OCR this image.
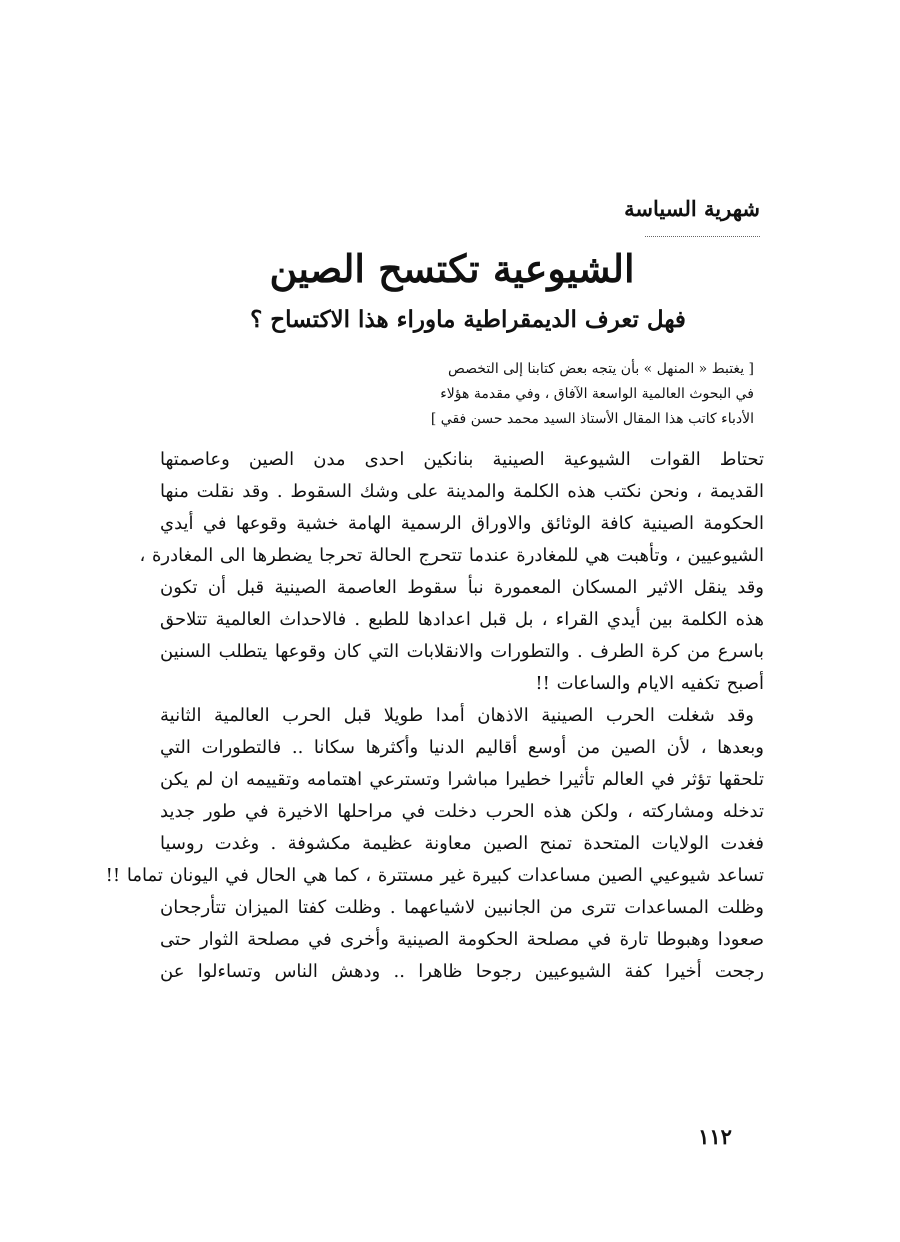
شهرية السياسة
الشيوعية تكتسح الصين
فهل تعرف الديمقراطية ماوراء هذا الاكتساح ؟
[ يغتبط « المنهل » بأن يتجه بعض كتابنا إلى التخصص
في البحوث العالمية الواسعة الآفاق ، وفي مقدمة هؤلاء
الأدباء كاتب هذا المقال الأستاذ السيد محمد حسن فقي ]
تحتاط القوات الشيوعية الصينية بنانكين احدى مدن الصين وعاصمتها
القديمة ، ونحن نكتب هذه الكلمة والمدينة على وشك السقوط . وقد نقلت منها
الحكومة الصينية كافة الوثائق والاوراق الرسمية الهامة خشية وقوعها في أيدي
الشيوعيين ، وتأهبت هي للمغادرة عندما تتحرج الحالة تحرجا يضطرها الى المغادرة ،
وقد ينقل الاثير المسكان المعمورة نبأ سقوط العاصمة الصينية قبل أن تكون
هذه الكلمة بين أيدي القراء ، بل قبل اعدادها للطبع . فالاحداث العالمية تتلاحق
باسرع من كرة الطرف . والتطورات والانقلابات التي كان وقوعها يتطلب السنين
أصبح تكفيه الايام والساعات !!
وقد شغلت الحرب الصينية الاذهان أمدا طويلا قبل الحرب العالمية الثانية
وبعدها ، لأن الصين من أوسع أقاليم الدنيا وأكثرها سكانا .. فالتطورات التي
تلحقها تؤثر في العالم تأثيرا خطيرا مباشرا وتسترعي اهتمامه وتقييمه ان لم يكن
تدخله ومشاركته ، ولكن هذه الحرب دخلت في مراحلها الاخيرة في طور جديد
فغدت الولايات المتحدة تمنح الصين معاونة عظيمة مكشوفة . وغدت روسيا
تساعد شيوعيي الصين مساعدات كبيرة غير مستترة ، كما هي الحال في اليونان تماما !!
وظلت المساعدات تترى من الجانبين لاشياعهما . وظلت كفتا الميزان تتأرجحان
صعودا وهبوطا تارة في مصلحة الحكومة الصينية وأخرى في مصلحة الثوار حتى
رجحت أخيرا كفة الشيوعيين رجوحا ظاهرا .. ودهش الناس وتساءلوا عن
١١٢
